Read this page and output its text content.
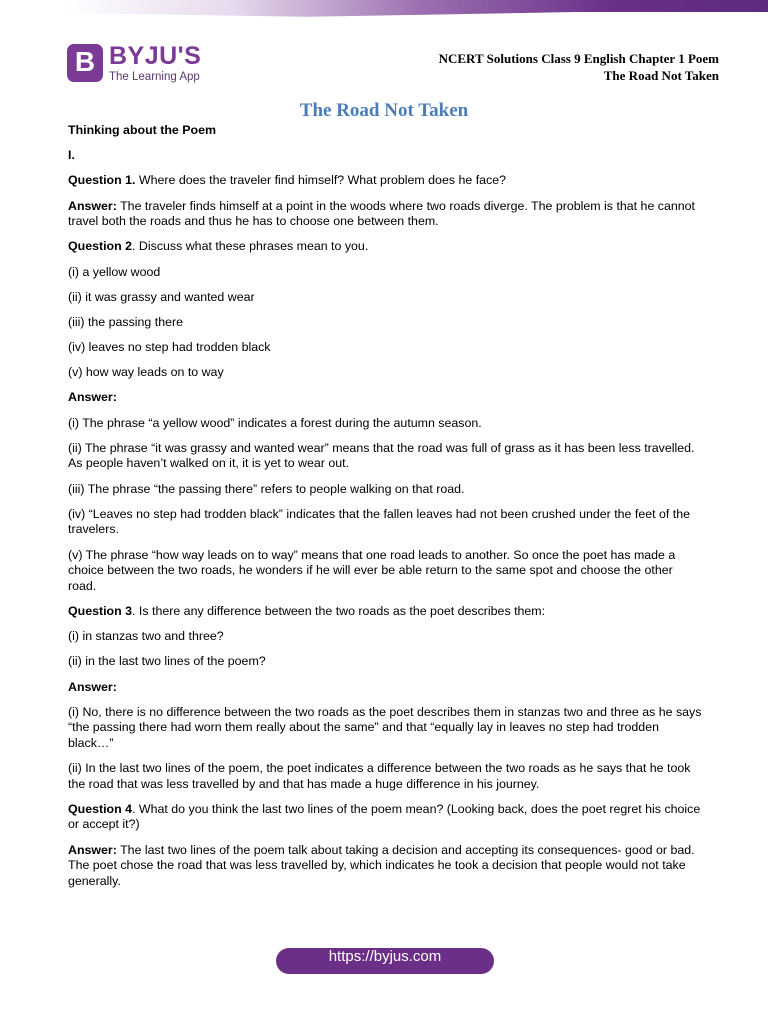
B BYJU'S
The Learning App
NCERT Solutions Class 9 English Chapter 1 Poem
The Road Not Taken
The Road Not Taken

Thinking about the Poem

I.

Question 1. Where does the traveler find himself? What problem does he face?

Answer: The traveler finds himself at a point in the woods where two roads diverge. The problem is that he cannot travel both the roads and thus he has to choose one between them.

Question 2. Discuss what these phrases mean to you.

(i) a yellow wood

(ii) it was grassy and wanted wear

(iii) the passing there

(iv) leaves no step had trodden black

(v) how way leads on to way

Answer:

(i) The phrase “a yellow wood” indicates a forest during the autumn season.

(ii) The phrase “it was grassy and wanted wear” means that the road was full of grass as it has been less travelled. As people haven’t walked on it, it is yet to wear out.

(iii) The phrase “the passing there” refers to people walking on that road.

(iv) “Leaves no step had trodden black” indicates that the fallen leaves had not been crushed under the feet of the travelers.

(v) The phrase “how way leads on to way” means that one road leads to another. So once the poet has made a choice between the two roads, he wonders if he will ever be able return to the same spot and choose the other road.

Question 3. Is there any difference between the two roads as the poet describes them:

(i) in stanzas two and three?

(ii) in the last two lines of the poem?

Answer:

(i) No, there is no difference between the two roads as the poet describes them in stanzas two and three as he says “the passing there had worn them really about the same” and that “equally lay in leaves no step had trodden black…”

(ii) In the last two lines of the poem, the poet indicates a difference between the two roads as he says that he took the road that was less travelled by and that has made a huge difference in his journey.

Question 4. What do you think the last two lines of the poem mean? (Looking back, does the poet regret his choice or accept it?)

Answer: The last two lines of the poem talk about taking a decision and accepting its consequences- good or bad. The poet chose the road that was less travelled by, which indicates he took a decision that people would not take generally.

https://byjus.com
